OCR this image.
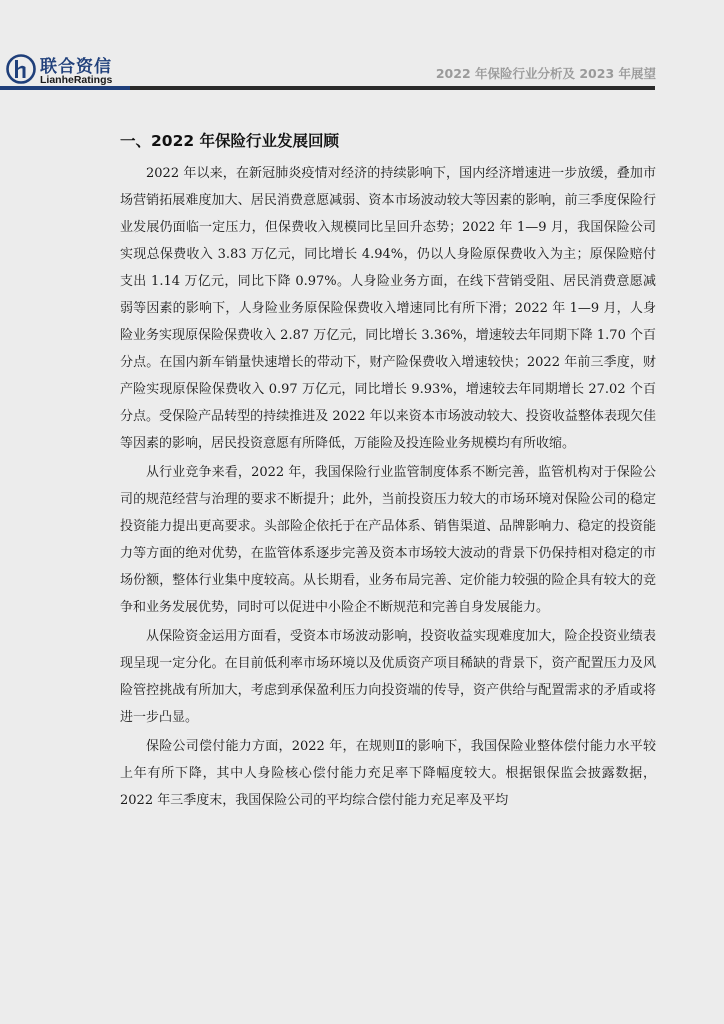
联合资信
LianheRatings	2022 年保险行业分析及 2023 年展望
一、2022 年保险行业发展回顾

2022 年以来，在新冠肺炎疫情对经济的持续影响下，国内经济增速进一步放缓，叠加市场营销拓展难度加大、居民消费意愿减弱、资本市场波动较大等因素的影响，前三季度保险行业发展仍面临一定压力，但保费收入规模同比呈回升态势；2022 年 1—9 月，我国保险公司实现总保费收入 3.83 万亿元，同比增长 4.94%，仍以人身险原保费收入为主；原保险赔付支出 1.14 万亿元，同比下降 0.97%。人身险业务方面，在线下营销受阻、居民消费意愿减弱等因素的影响下，人身险业务原保险保费收入增速同比有所下滑；2022 年 1—9 月，人身险业务实现原保险保费收入 2.87 万亿元，同比增长 3.36%，增速较去年同期下降 1.70 个百分点。在国内新车销量快速增长的带动下，财产险保费收入增速较快；2022 年前三季度，财产险实现原保险保费收入 0.97 万亿元，同比增长 9.93%，增速较去年同期增长 27.02 个百分点。受保险产品转型的持续推进及 2022 年以来资本市场波动较大、投资收益整体表现欠佳等因素的影响，居民投资意愿有所降低，万能险及投连险业务规模均有所收缩。

从行业竞争来看，2022 年，我国保险行业监管制度体系不断完善，监管机构对于保险公司的规范经营与治理的要求不断提升；此外，当前投资压力较大的市场环境对保险公司的稳定投资能力提出更高要求。头部险企依托于在产品体系、销售渠道、品牌影响力、稳定的投资能力等方面的绝对优势，在监管体系逐步完善及资本市场较大波动的背景下仍保持相对稳定的市场份额，整体行业集中度较高。从长期看，业务布局完善、定价能力较强的险企具有较大的竞争和业务发展优势，同时可以促进中小险企不断规范和完善自身发展能力。

从保险资金运用方面看，受资本市场波动影响，投资收益实现难度加大，险企投资业绩表现呈现一定分化。在目前低利率市场环境以及优质资产项目稀缺的背景下，资产配置压力及风险管控挑战有所加大，考虑到承保盈利压力向投资端的传导，资产供给与配置需求的矛盾或将进一步凸显。

保险公司偿付能力方面，2022 年，在规则Ⅱ的影响下，我国保险业整体偿付能力水平较上年有所下降，其中人身险核心偿付能力充足率下降幅度较大。根据银保监会披露数据，2022 年三季度末，我国保险公司的平均综合偿付能力充足率及平均
